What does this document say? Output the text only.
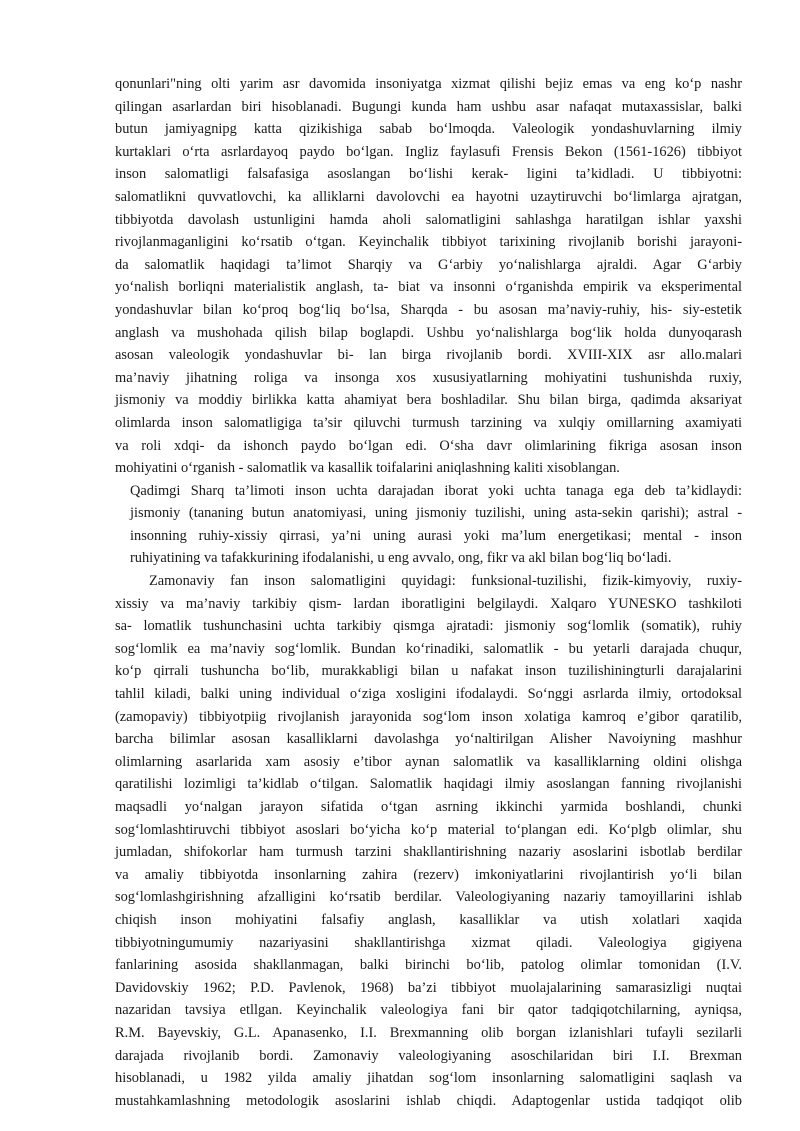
qonunlari"ning olti yarim asr davomida insoniyatga xizmat qilishi bejiz emas va eng ko‘p nashr
qilingan asarlardan biri hisoblanadi. Bugungi kunda ham ushbu asar nafaqat mutaxassislar, balki
butun jamiyagnipg katta qizikishiga sabab bo‘lmoqda. Valeologik yondashuvlarning ilmiy
kurtaklari o‘rta asrlardayoq paydo bo‘lgan. Ingliz faylasufi Frensis Bekon (1561-1626) tibbiyot
inson salomatligi falsafasiga asoslangan bo‘lishi kerak- ligini ta’kidladi. U tibbiyotni:
salomatlikni quvvatlovchi, ka alliklarni davolovchi ea hayotni uzaytiruvchi bo‘limlarga ajratgan,
tibbiyotda davolash ustunligini hamda aholi salomatligini sahlashga haratilgan ishlar yaxshi
rivojlanmaganligini ko‘rsatib o‘tgan. Keyinchalik tibbiyot tarixining rivojlanib borishi jarayoni-
da salomatlik haqidagi ta’limot Sharqiy va G‘arbiy yo‘nalishlarga ajraldi. Agar G‘arbiy
yo‘nalish borliqni materialistik anglash, ta- biat va insonni o‘rganishda empirik va eksperimental
yondashuvlar bilan ko‘proq bog‘liq bo‘lsa, Sharqda - bu asosan ma’naviy-ruhiy, his- siy-estetik
anglash va mushohada qilish bilap boglapdi. Ushbu yo‘nalishlarga bog‘lik holda dunyoqarash
asosan valeologik yondashuvlar bi- lan birga rivojlanib bordi. XVIII-XIX asr allo.malari
ma’naviy jihatning roliga va insonga xos xususiyatlarning mohiyatini tushunishda ruxiy,
jismoniy va moddiy birlikka katta ahamiyat bera boshladilar. Shu bilan birga, qadimda aksariyat
olimlarda inson salomatligiga ta’sir qiluvchi turmush tarzining va xulqiy omillarning axamiyati
va roli xdqi- da ishonch paydo bo‘lgan edi. O‘sha davr olimlarining fikriga asosan inson
mohiyatini o‘rganish - salomatlik va kasallik toifalarini aniqlashning kaliti xisoblangan.
Qadimgi Sharq ta’limoti inson uchta darajadan iborat yoki uchta tanaga ega deb ta’kidlaydi:
jismoniy (tananing butun anatomiyasi, uning jismoniy tuzilishi, uning asta-sekin qarishi); astral -
insonning ruhiy-xissiy qirrasi, ya’ni uning aurasi yoki ma’lum energetikasi; mental - inson
ruhiyatining va tafakkurining ifodalanishi, u eng avvalo, ong, fikr va akl bilan bog‘liq bo‘ladi.
Zamonaviy fan inson salomatligini quyidagi: funksional-tuzilishi, fizik-kimyoviy, ruxiy-
xissiy va ma’naviy tarkibiy qism- lardan iboratligini belgilaydi. Xalqaro YUNESKO tashkiloti
sa- lomatlik tushunchasini uchta tarkibiy qismga ajratadi: jismoniy sog‘lomlik (somatik), ruhiy
sog‘lomlik ea ma’naviy sog‘lomlik. Bundan ko‘rinadiki, salomatlik - bu yetarli darajada chuqur,
ko‘p qirrali tushuncha bo‘lib, murakkabligi bilan u nafakat inson tuzilishiningturli darajalarini
tahlil kiladi, balki uning individual o‘ziga xosligini ifodalaydi. So‘nggi asrlarda ilmiy, ortodoksal
(zamopaviy) tibbiyotpiig rivojlanish jarayonida sog‘lom inson xolatiga kamroq e’gibor qaratilib,
barcha bilimlar asosan kasalliklarni davolashga yo‘naltirilgan Alisher Navoiyning mashhur
olimlarning asarlarida xam asosiy e’tibor aynan salomatlik va kasalliklarning oldini olishga
qaratilishi lozimligi ta’kidlab o‘tilgan. Salomatlik haqidagi ilmiy asoslangan fanning rivojlanishi
maqsadli yo‘nalgan jarayon sifatida o‘tgan asrning ikkinchi yarmida boshlandi, chunki
sog‘lomlashtiruvchi tibbiyot asoslari bo‘yicha ko‘p material to‘plangan edi. Ko‘plgb olimlar, shu
jumladan, shifokorlar ham turmush tarzini shakllantirishning nazariy asoslarini isbotlab berdilar
va amaliy tibbiyotda insonlarning zahira (rezerv) imkoniyatlarini rivojlantirish yo‘li bilan
sog‘lomlashgirishning afzalligini ko‘rsatib berdilar. Valeologiyaning nazariy tamoyillarini ishlab
chiqish inson mohiyatini falsafiy anglash, kasalliklar va utish xolatlari xaqida
tibbiyotningumumiy nazariyasini shakllantirishga xizmat qiladi. Valeologiya gigiyena
fanlarining asosida shakllanmagan, balki birinchi bo‘lib, patolog olimlar tomonidan (I.V.
Davidovskiy 1962; P.D. Pavlenok, 1968) ba’zi tibbiyot muolajalarining samarasizligi nuqtai
nazaridan tavsiya etllgan. Keyinchalik valeologiya fani bir qator tadqiqotchilarning, ayniqsa,
R.M. Bayevskiy, G.L. Apanasenko, I.I. Brexmanning olib borgan izlanishlari tufayli sezilarli
darajada rivojlanib bordi. Zamonaviy valeologiyaning asoschilaridan biri I.I. Brexman
hisoblanadi, u 1982 yilda amaliy jihatdan sog‘lom insonlarning salomatligini saqlash va
mustahkamlashning metodologik asoslarini ishlab chiqdi. Adaptogenlar ustida tadqiqot olib
